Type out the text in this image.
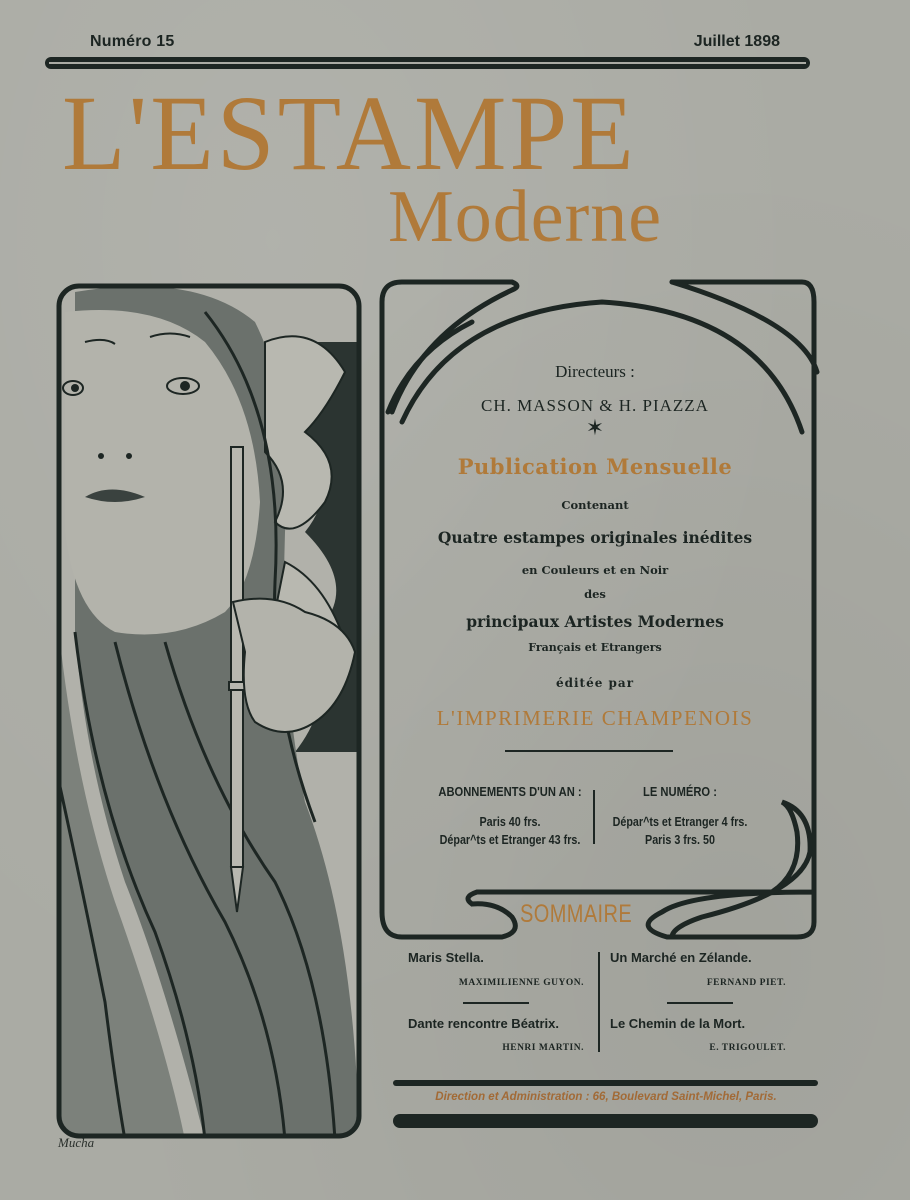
Numéro 15	Juillet 1898
L'ESTAMPE
Moderne
Mucha
Directeurs :
CH. MASSON & H. PIAZZA
✶
Publication Mensuelle
Contenant
Quatre estampes originales inédites
en Couleurs et en Noir
des
principaux Artistes Modernes
Français et Etrangers
éditée par
L'IMPRIMERIE CHAMPENOIS
ABONNEMENTS D'UN AN :
Paris 40 frs.
Dépar^ts et Etranger 43 frs.
LE NUMÉRO :
Dépar^ts et Etranger 4 frs.
Paris 3 frs. 50
SOMMAIRE
Maris Stella.
MAXIMILIENNE GUYON.
Dante rencontre Béatrix.
HENRI MARTIN.
Un Marché en Zélande.
FERNAND PIET.
Le Chemin de la Mort.
E. TRIGOULET.
Direction et Administration : 66, Boulevard Saint-Michel, Paris.
